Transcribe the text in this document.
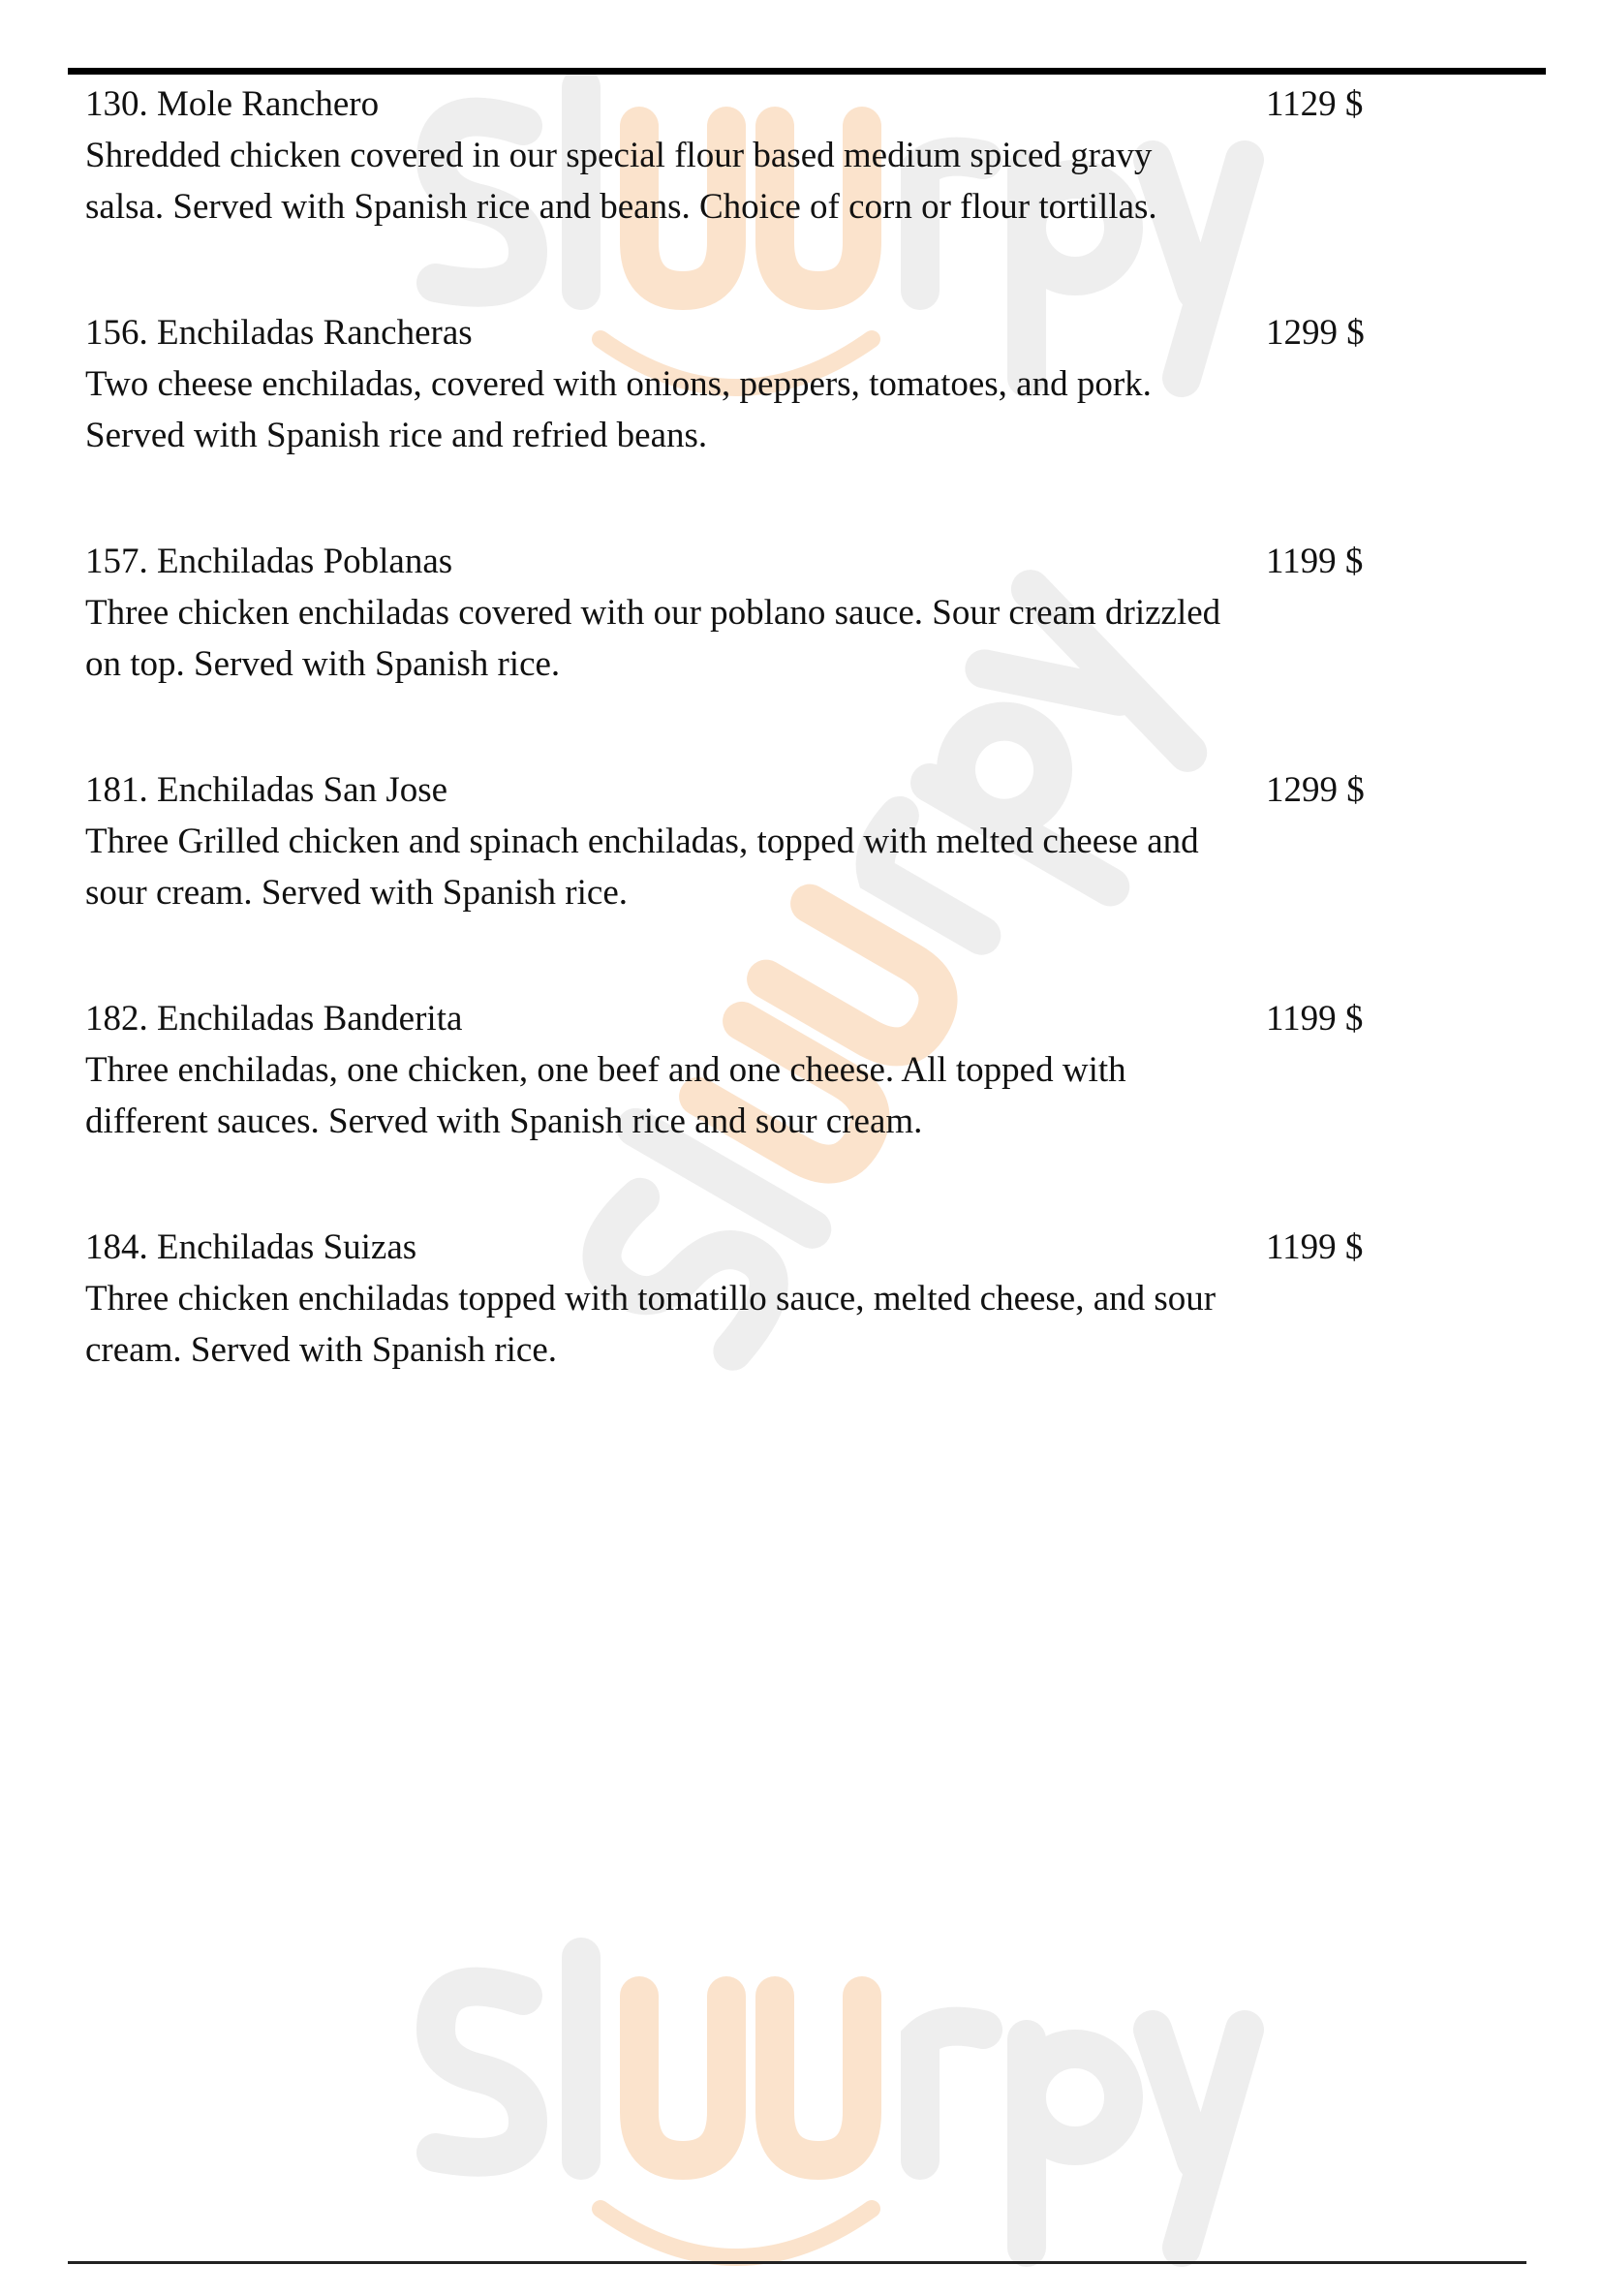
130. Mole Ranchero	1129 $
Shredded chicken covered in our special flour based medium spiced gravy salsa. Served with Spanish rice and beans. Choice of corn or flour tortillas.
156. Enchiladas Rancheras	1299 $
Two cheese enchiladas, covered with onions, peppers, tomatoes, and pork. Served with Spanish rice and refried beans.
157. Enchiladas Poblanas	1199 $
Three chicken enchiladas covered with our poblano sauce. Sour cream drizzled on top. Served with Spanish rice.
181. Enchiladas San Jose	1299 $
Three Grilled chicken and spinach enchiladas, topped with melted cheese and sour cream. Served with Spanish rice.
182. Enchiladas Banderita	1199 $
Three enchiladas, one chicken, one beef and one cheese. All topped with different sauces. Served with Spanish rice and sour cream.
184. Enchiladas Suizas	1199 $
Three chicken enchiladas topped with tomatillo sauce, melted cheese, and sour cream. Served with Spanish rice.
